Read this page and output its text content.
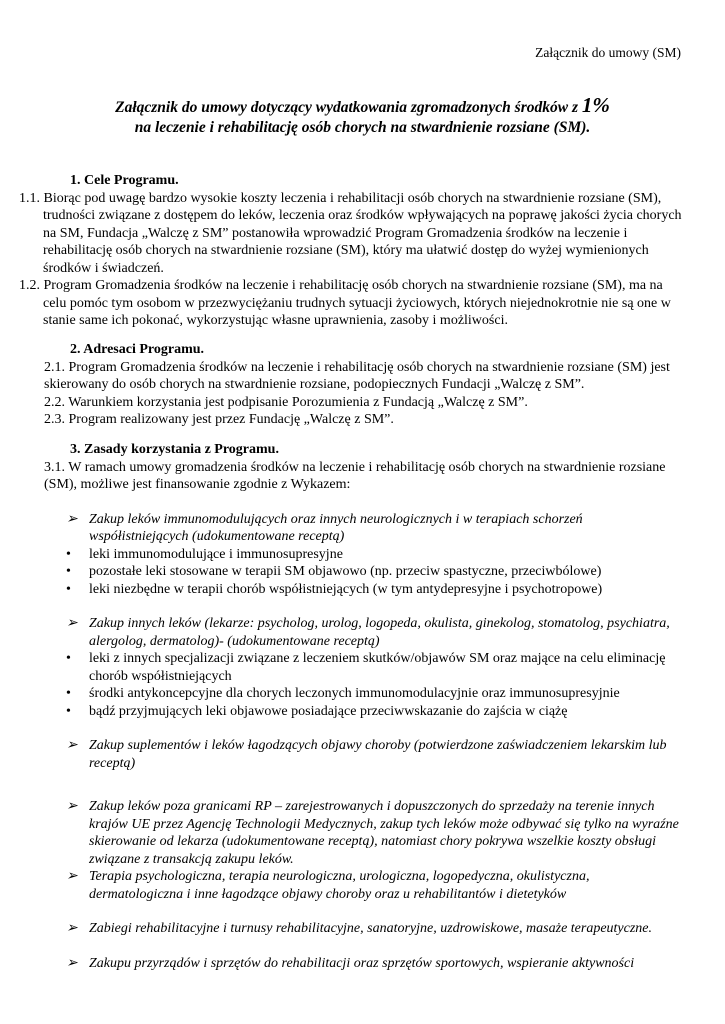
Załącznik do umowy (SM)
Załącznik do umowy dotyczący wydatkowania zgromadzonych środków z 1%
na leczenie i rehabilitację osób chorych na stwardnienie rozsiane (SM).
1. Cele Programu.
1.1. Biorąc pod uwagę bardzo wysokie koszty leczenia i rehabilitacji osób chorych na stwardnienie rozsiane (SM), trudności związane z dostępem do leków, leczenia oraz środków wpływających na poprawę jakości życia chorych na SM, Fundacja „Walczę z SM” postanowiła wprowadzić Program Gromadzenia środków na leczenie i rehabilitację osób chorych na stwardnienie rozsiane (SM), który ma ułatwić dostęp do wyżej wymienionych środków i świadczeń.
1.2. Program Gromadzenia środków na leczenie i rehabilitację osób chorych na stwardnienie rozsiane (SM), ma na celu pomóc tym osobom w przezwyciężaniu trudnych sytuacji życiowych, których niejednokrotnie nie są one w stanie same ich pokonać, wykorzystując własne uprawnienia, zasoby i możliwości.
2. Adresaci Programu.
2.1. Program Gromadzenia środków na leczenie i rehabilitację osób chorych na stwardnienie rozsiane (SM) jest skierowany do osób chorych na stwardnienie rozsiane, podopiecznych Fundacji „Walczę z SM”.
2.2. Warunkiem korzystania jest podpisanie Porozumienia z Fundacją „Walczę z SM”.
2.3. Program realizowany jest przez Fundację „Walczę z SM”.
3. Zasady korzystania z Programu.
3.1. W ramach umowy gromadzenia środków na leczenie i rehabilitację osób chorych na stwardnienie rozsiane (SM), możliwe jest finansowanie zgodnie z Wykazem:
➢ Zakup leków immunomodulujących oraz innych neurologicznych i w terapiach schorzeń współistniejących (udokumentowane receptą)
• leki immunomodulujące i immunosupresyjne
• pozostałe leki stosowane w terapii SM objawowo (np. przeciw spastyczne, przeciwbólowe)
• leki niezbędne w terapii chorób współistniejących (w tym antydepresyjne i psychotropowe)
➢ Zakup innych leków (lekarze: psycholog, urolog, logopeda, okulista, ginekolog, stomatolog, psychiatra, alergolog, dermatolog)- (udokumentowane receptą)
• leki z innych specjalizacji związane z leczeniem skutków/objawów SM oraz mające na celu eliminację chorób współistniejących
• środki antykoncepcyjne dla chorych leczonych immunomodulacyjnie oraz immunosupresyjnie
• bądź przyjmujących leki objawowe posiadające przeciwwskazanie do zajścia w ciążę
➢ Zakup suplementów i leków łagodzących objawy choroby (potwierdzone zaświadczeniem lekarskim lub receptą)
➢ Zakup leków poza granicami RP – zarejestrowanych i dopuszczonych do sprzedaży na terenie innych krajów UE przez Agencję Technologii Medycznych, zakup tych leków może odbywać się tylko na wyraźne skierowanie od lekarza (udokumentowane receptą), natomiast chory pokrywa wszelkie koszty obsługi związane z transakcją zakupu leków.
➢ Terapia psychologiczna, terapia neurologiczna, urologiczna, logopedyczna, okulistyczna, dermatologiczna i inne łagodzące objawy choroby oraz u rehabilitantów i dietetyków
➢ Zabiegi rehabilitacyjne i turnusy rehabilitacyjne, sanatoryjne, uzdrowiskowe, masaże terapeutyczne.
➢ Zakupu przyrządów i sprzętów do rehabilitacji oraz sprzętów sportowych, wspieranie aktywności
